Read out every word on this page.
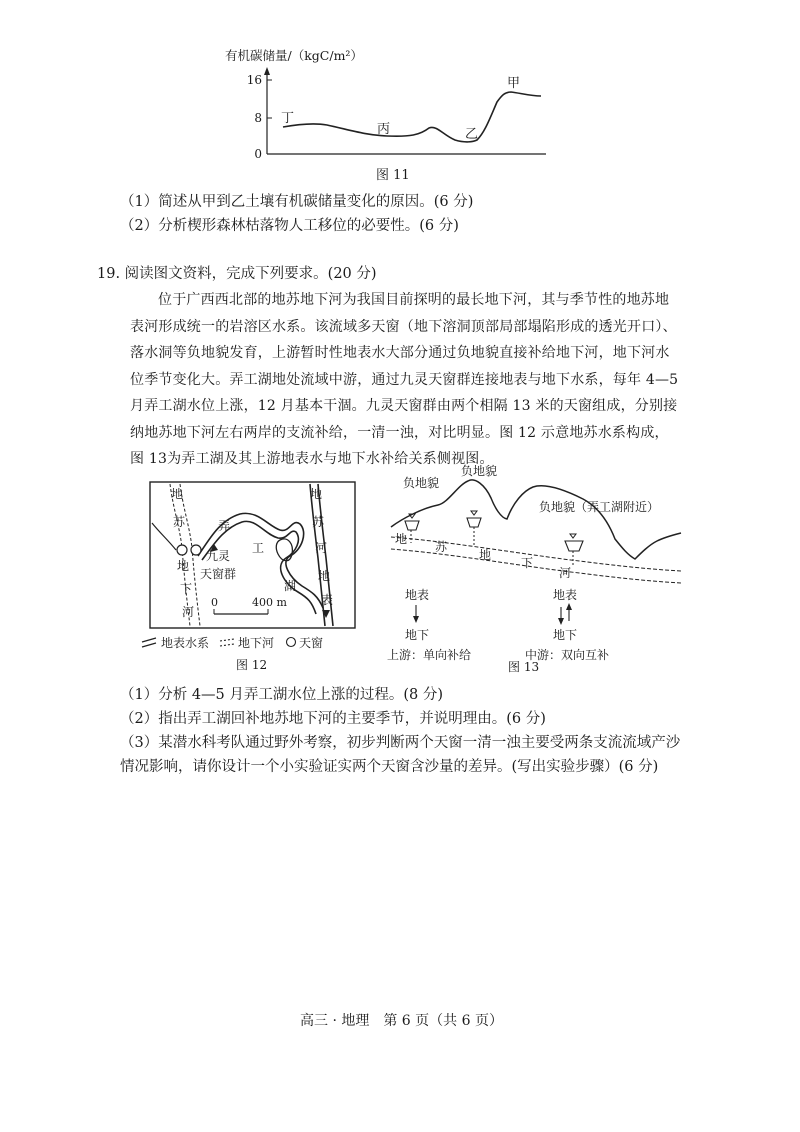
有机碳储量/（kgC/m²）
16
8
0
丁
丙	乙
甲
图 11
（1）简述从甲到乙土壤有机碳储量变化的原因。(6 分)
（2）分析楔形森林枯落物人工移位的必要性。(6 分)
19. 阅读图文资料，完成下列要求。(20 分)
位于广西西北部的地苏地下河为我国目前探明的最长地下河，其与季节性的地苏地
表河形成统一的岩溶区水系。该流域多天窗（地下溶洞顶部局部塌陷形成的透光开口）、
落水洞等负地貌发育，上游暂时性地表水大部分通过负地貌直接补给地下河，地下河水
位季节变化大。弄工湖地处流域中游，通过九灵天窗群连接地表与地下水系，每年 4—5
月弄工湖水位上涨，12 月基本干涸。九灵天窗群由两个相隔 13 米的天窗组成，分别接
纳地苏地下河左右两岸的支流补给，一清一浊，对比明显。图 12 示意地苏水系构成，
图 13为弄工湖及其上游地表水与地下水补给关系侧视图。
地
苏
地
下
河
地
苏
河
地
表
弄
工
湖
九灵
天窗群
0	400 m
地表水系 地下河 天窗
图 12
负地貌
负地貌
负地貌（弄工湖附近）
地
苏
地
下
河
地表
地下
上游：单向补给
地表
地下
中游：双向互补
图 13
（1）分析 4—5 月弄工湖水位上涨的过程。(8 分)
（2）指出弄工湖回补地苏地下河的主要季节，并说明理由。(6 分)
（3）某潜水科考队通过野外考察，初步判断两个天窗一清一浊主要受两条支流流域产沙
情况影响，请你设计一个小实验证实两个天窗含沙量的差异。(写出实验步骤）(6 分)
高三 · 地理　第 6 页（共 6 页）
